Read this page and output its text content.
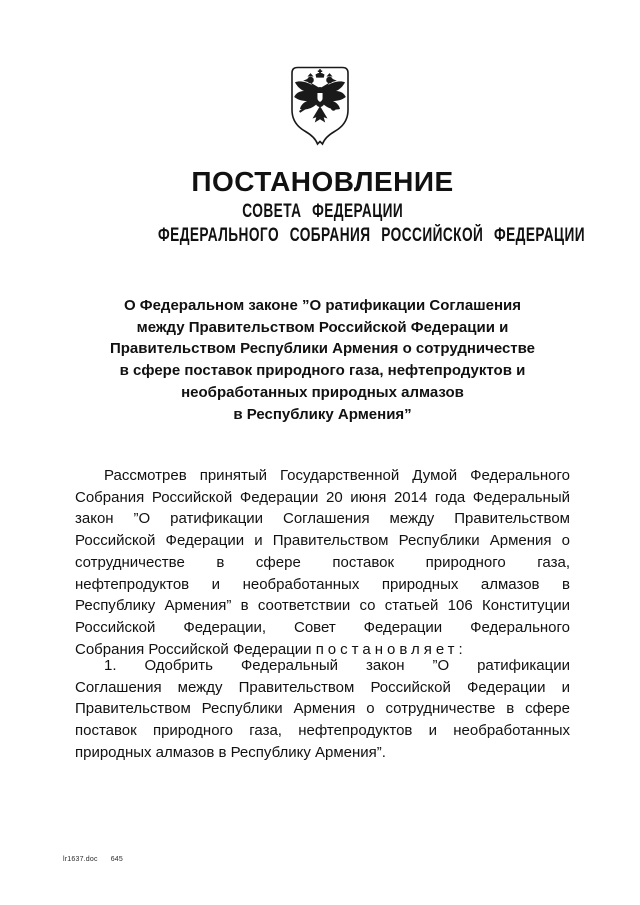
ПОСТАНОВЛЕНИЕ
СОВЕТА ФЕДЕРАЦИИ
ФЕДЕРАЛЬНОГО СОБРАНИЯ РОССИЙСКОЙ ФЕДЕРАЦИИ
О Федеральном законе ”О ратификации Соглашения
между Правительством Российской Федерации и
Правительством Республики Армения о сотрудничестве
в сфере поставок природного газа, нефтепродуктов и
необработанных природных алмазов
в Республику Армения”
Рассмотрев принятый Государственной Думой Федерального
Собрания Российской Федерации 20 июня 2014 года Федеральный
закон ”О ратификации Соглашения между Правительством
Российской Федерации и Правительством Республики Армения о
сотрудничестве в сфере поставок природного газа,
нефтепродуктов и необработанных природных алмазов в
Республику Армения” в соответствии со статьей 106 Конституции
Российской Федерации, Совет Федерации Федерального
Собрания Российской Федерации постановляет:
1. Одобрить Федеральный закон ”О ратификации
Соглашения между Правительством Российской Федерации и
Правительством Республики Армения о сотрудничестве в сфере
поставок природного газа, нефтепродуктов и необработанных
природных алмазов в Республику Армения”.
lr1637.doc 645
